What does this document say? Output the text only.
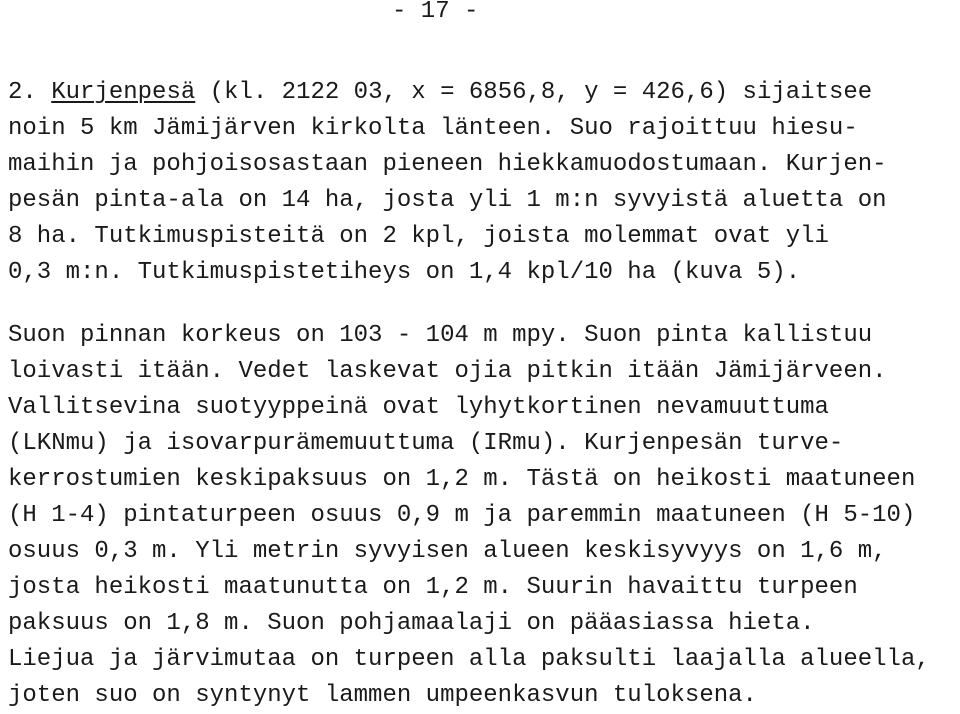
- 17 -
2. Kurjenpesä (kl. 2122 03, x = 6856,8, y = 426,6) sijaitsee
noin 5 km Jämijärven kirkolta länteen. Suo rajoittuu hiesu-
maihin ja pohjoisosastaan pieneen hiekkamuodostumaan. Kurjen-
pesän pinta-ala on 14 ha, josta yli 1 m:n syvyistä aluetta on
8 ha. Tutkimuspisteitä on 2 kpl, joista molemmat ovat yli
0,3 m:n. Tutkimuspistetiheys on 1,4 kpl/10 ha (kuva 5).
Suon pinnan korkeus on 103 - 104 m mpy. Suon pinta kallistuu
loivasti itään. Vedet laskevat ojia pitkin itään Jämijärveen.
Vallitsevina suotyyppeinä ovat lyhytkortinen nevamuuttuma
(LKNmu) ja isovarpurämemuuttuma (IRmu). Kurjenpesän turve-
kerrostumien keskipaksuus on 1,2 m. Tästä on heikosti maatuneen
(H 1-4) pintaturpeen osuus 0,9 m ja paremmin maatuneen (H 5-10)
osuus 0,3 m. Yli metrin syvyisen alueen keskisyvyys on 1,6 m,
josta heikosti maatunutta on 1,2 m. Suurin havaittu turpeen
paksuus on 1,8 m. Suon pohjamaalaji on pääasiassa hieta.
Liejua ja järvimutaa on turpeen alla paksulti laajalla alueella,
joten suo on syntynyt lammen umpeenkasvun tuloksena.
